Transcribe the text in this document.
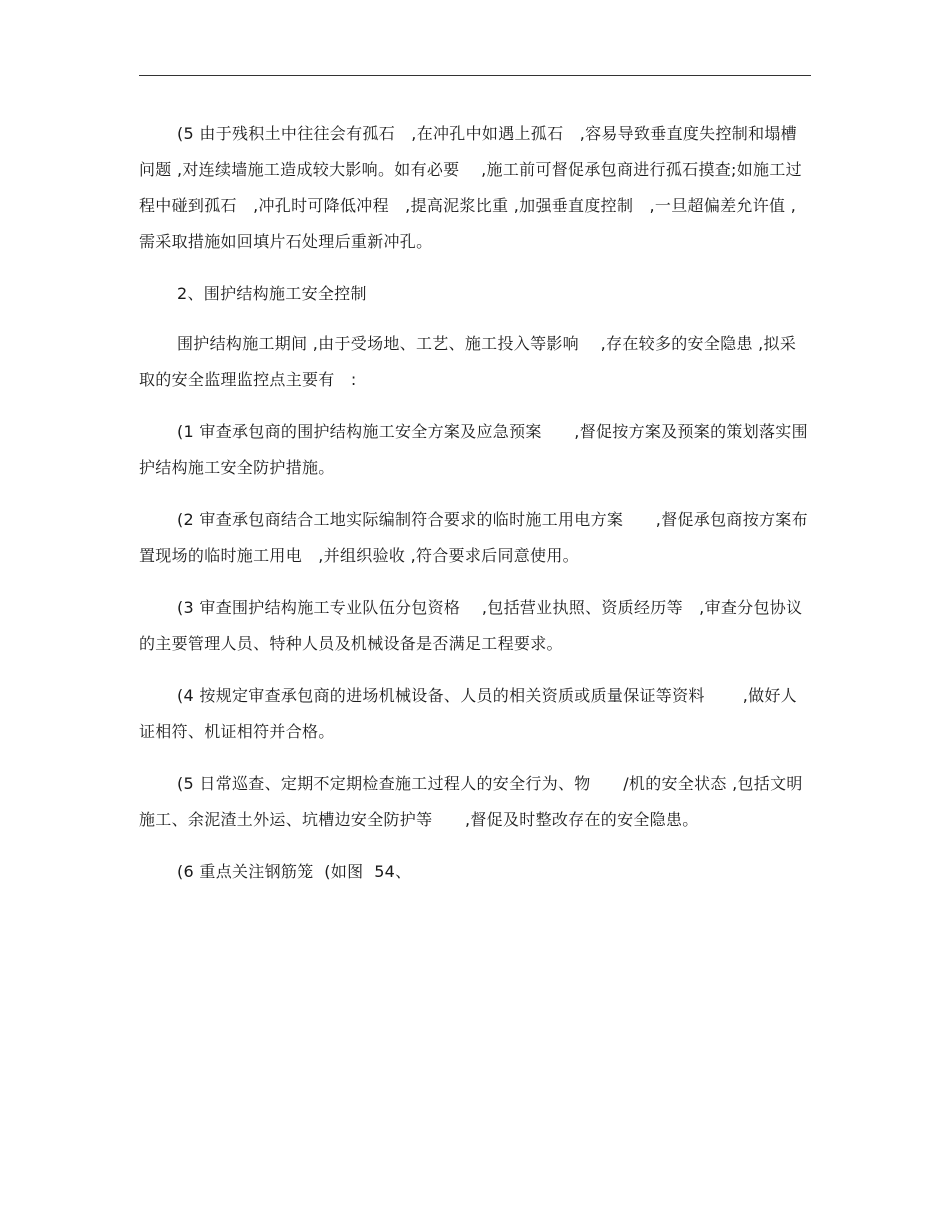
(5 由于残积土中往往会有孤石　,在冲孔中如遇上孤石　,容易导致垂直度失控制和塌槽问题 ,对连续墙施工造成较大影响。如有必要　 ,施工前可督促承包商进行孤石摸查;如施工过程中碰到孤石　,冲孔时可降低冲程　,提高泥浆比重 ,加强垂直度控制　,一旦超偏差允许值 ,需采取措施如回填片石处理后重新冲孔。

2、围护结构施工安全控制

围护结构施工期间 ,由于受场地、工艺、施工投入等影响　 ,存在较多的安全隐患 ,拟采取的安全监理监控点主要有　:

(1 审查承包商的围护结构施工安全方案及应急预案　　,督促按方案及预案的策划落实围护结构施工安全防护措施。

(2 审查承包商结合工地实际编制符合要求的临时施工用电方案　　,督促承包商按方案布置现场的临时施工用电　,并组织验收 ,符合要求后同意使用。

(3 审查围护结构施工专业队伍分包资格　 ,包括营业执照、资质经历等　,审查分包协议的主要管理人员、特种人员及机械设备是否满足工程要求。

(4 按规定审查承包商的进场机械设备、人员的相关资质或质量保证等资料　　 ,做好人证相符、机证相符并合格。

(5 日常巡查、定期不定期检查施工过程人的安全行为、物　　/机的安全状态 ,包括文明施工、余泥渣土外运、坑槽边安全防护等　　,督促及时整改存在的安全隐患。

(6 重点关注钢筋笼  (如图  54、
